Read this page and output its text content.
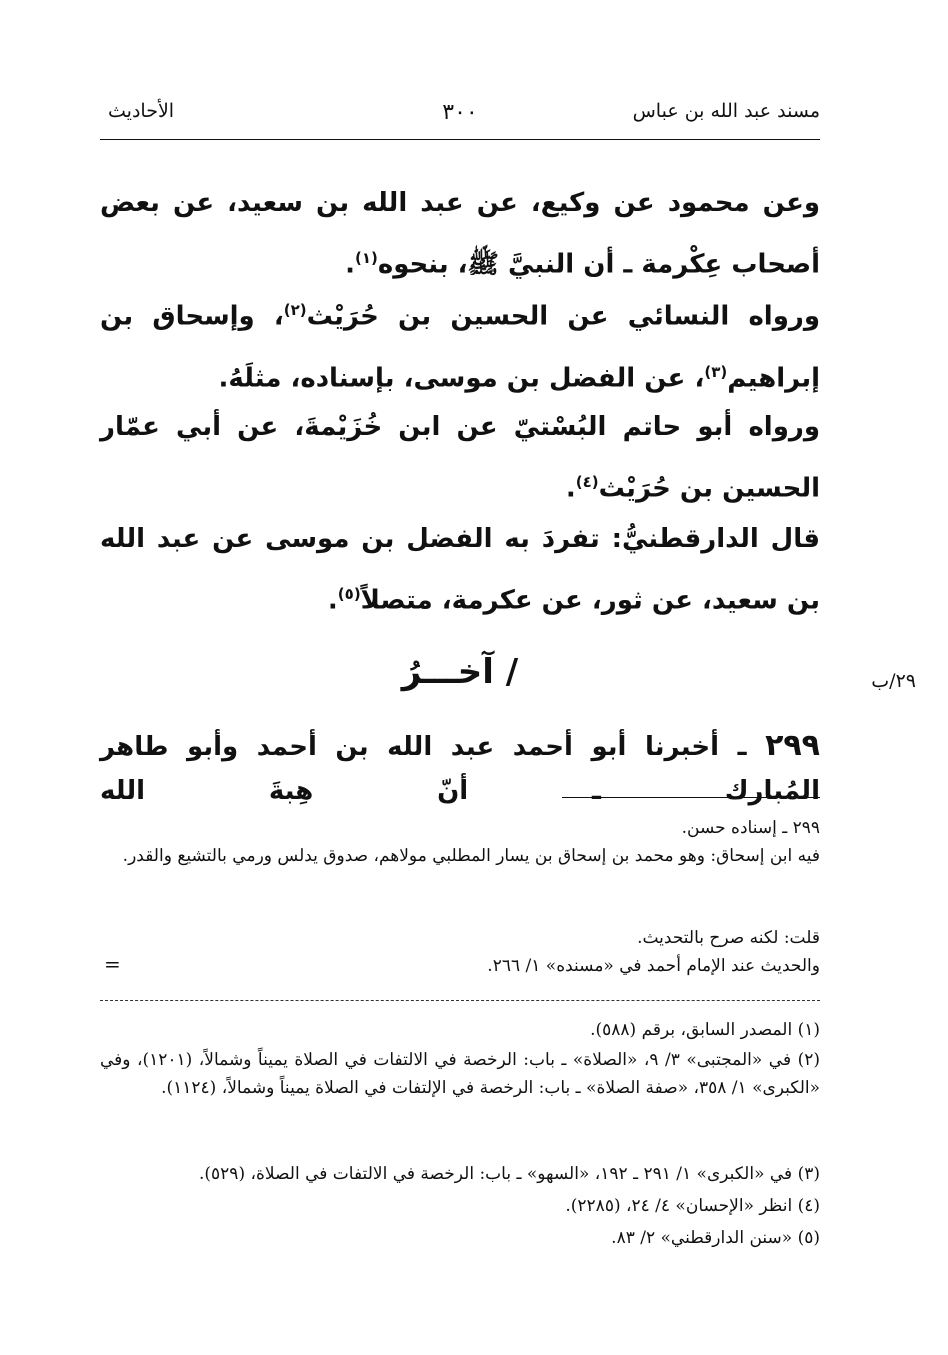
مسند عبد الله بن عباس
٣٠٠
الأحاديث
وعن محمود عن وكيع، عن عبد الله بن سعيد، عن بعض أصحاب عِكْرمة ـ أن النبيَّ ﷺ، بنحوه$^{(١)}$.
ورواه النسائي عن الحسين بن حُرَيْث$^{(٢)}$، وإسحاق بن إبراهيم$^{(٣)}$، عن الفضل بن موسى، بإسناده، مثلَهُ.
ورواه أبو حاتم البُسْتيّ عن ابن خُزَيْمةَ، عن أبي عمّار الحسين بن حُرَيْث$^{(٤)}$.
قال الدارقطنيُّ: تفردَ به الفضل بن موسى عن عبد الله بن سعيد، عن ثور، عن عكرمة، متصلاً$^{(٥)}$.
/ آخـــرُ	٢٩/ب
٢٩٩ ـ أخبرنا أبو أحمد عبد الله بن أحمد وأبو طاهر المُبارك ـ أنّ هِبةَ الله
٢٩٩ ـ إسناده حسن.
فيه ابن إسحاق: وهو محمد بن إسحاق بن يسار المطلبي مولاهم، صدوق يدلس ورمي بالتشيع والقدر.
قلت: لكنه صرح بالتحديث.
والحديث عند الإمام أحمد في «مسنده» ١/ ٢٦٦.
=
(١) المصدر السابق، برقم (٥٨٨).
(٢) في «المجتبى» ٣/ ٩، «الصلاة» ـ باب: الرخصة في الالتفات في الصلاة يميناً وشمالاً، (١٢٠١)، وفي «الكبرى» ١/ ٣٥٨، «صفة الصلاة» ـ باب: الرخصة في الإلتفات في الصلاة يميناً وشمالاً، (١١٢٤).
(٣) في «الكبرى» ١/ ٢٩١ ـ ١٩٢، «السهو» ـ باب: الرخصة في الالتفات في الصلاة، (٥٢٩).
(٤) انظر «الإحسان» ٤/ ٢٤، (٢٢٨٥).
(٥) «سنن الدارقطني» ٢/ ٨٣.
